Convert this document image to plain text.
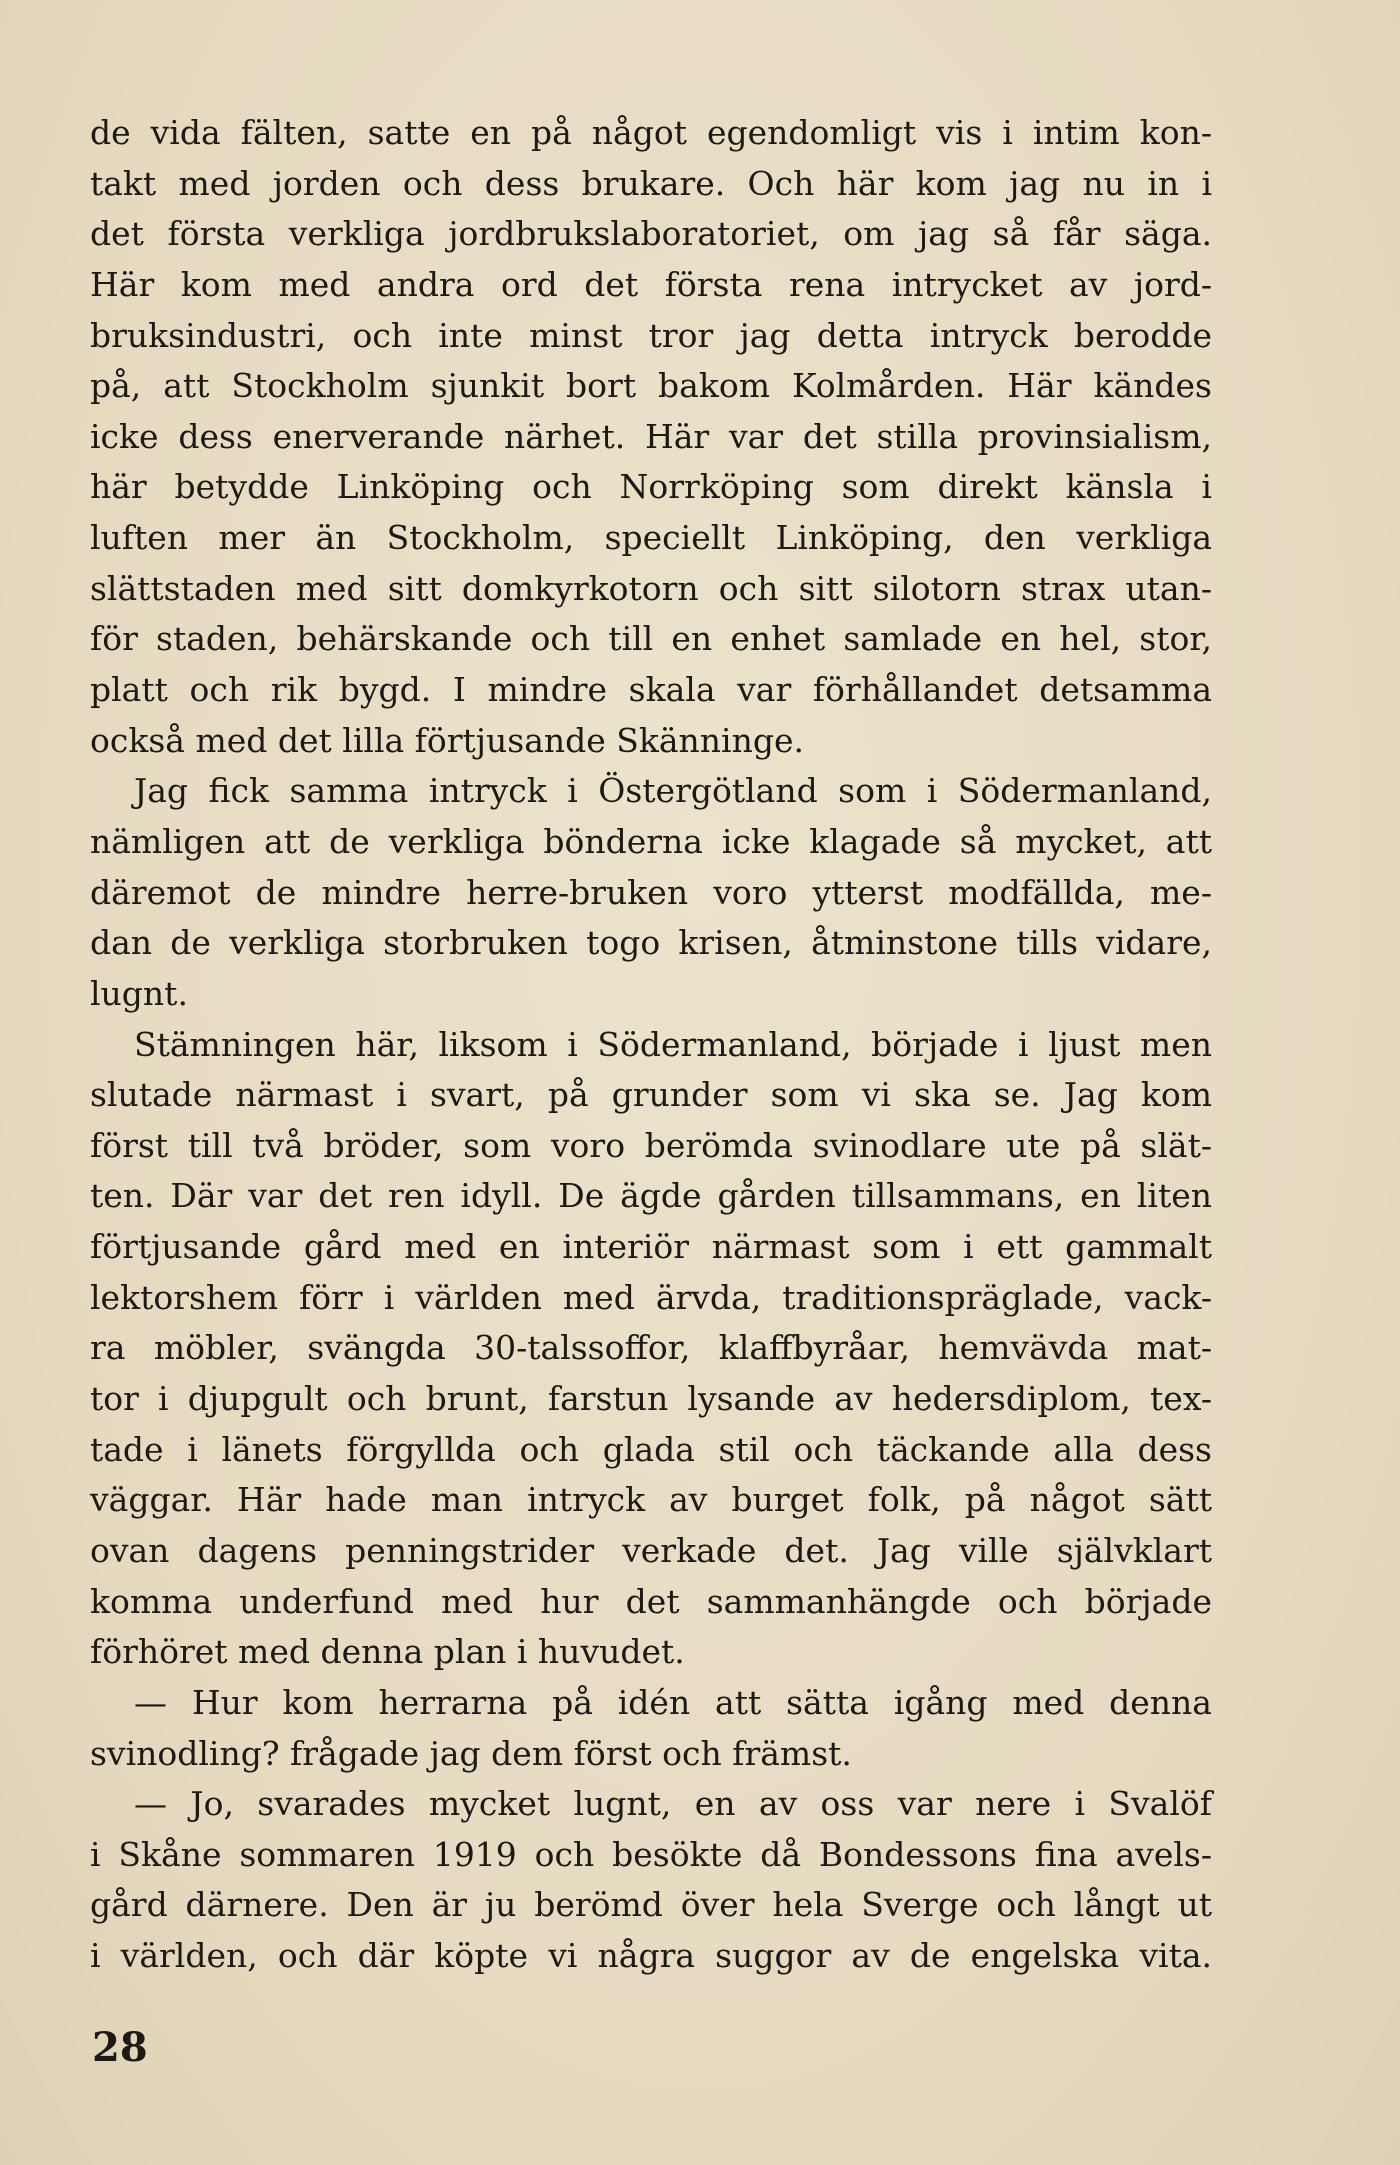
de vida fälten, satte en på något egendomligt vis i intim kon-
takt med jorden och dess brukare. Och här kom jag nu in i
det första verkliga jordbrukslaboratoriet, om jag så får säga.
Här kom med andra ord det första rena intrycket av jord-
bruksindustri, och inte minst tror jag detta intryck berodde
på, att Stockholm sjunkit bort bakom Kolmården. Här kändes
icke dess enerverande närhet. Här var det stilla provinsialism,
här betydde Linköping och Norrköping som direkt känsla i
luften mer än Stockholm, speciellt Linköping, den verkliga
slättstaden med sitt domkyrkotorn och sitt silotorn strax utan-
för staden, behärskande och till en enhet samlade en hel, stor,
platt och rik bygd. I mindre skala var förhållandet detsamma
också med det lilla förtjusande Skänninge.
Jag fick samma intryck i Östergötland som i Södermanland,
nämligen att de verkliga bönderna icke klagade så mycket, att
däremot de mindre herre-bruken voro ytterst modfällda, me-
dan de verkliga storbruken togo krisen, åtminstone tills vidare,
lugnt.
Stämningen här, liksom i Södermanland, började i ljust men
slutade närmast i svart, på grunder som vi ska se. Jag kom
först till två bröder, som voro berömda svinodlare ute på slät-
ten. Där var det ren idyll. De ägde gården tillsammans, en liten
förtjusande gård med en interiör närmast som i ett gammalt
lektorshem förr i världen med ärvda, traditionspräglade, vack-
ra möbler, svängda 30-talssoffor, klaffbyråar, hemvävda mat-
tor i djupgult och brunt, farstun lysande av hedersdiplom, tex-
tade i länets förgyllda och glada stil och täckande alla dess
väggar. Här hade man intryck av burget folk, på något sätt
ovan dagens penningstrider verkade det. Jag ville självklart
komma underfund med hur det sammanhängde och började
förhöret med denna plan i huvudet.
— Hur kom herrarna på idén att sätta igång med denna
svinodling? frågade jag dem först och främst.
— Jo, svarades mycket lugnt, en av oss var nere i Svalöf
i Skåne sommaren 1919 och besökte då Bondessons fina avels-
gård därnere. Den är ju berömd över hela Sverge och långt ut
i världen, och där köpte vi några suggor av de engelska vita.
28
